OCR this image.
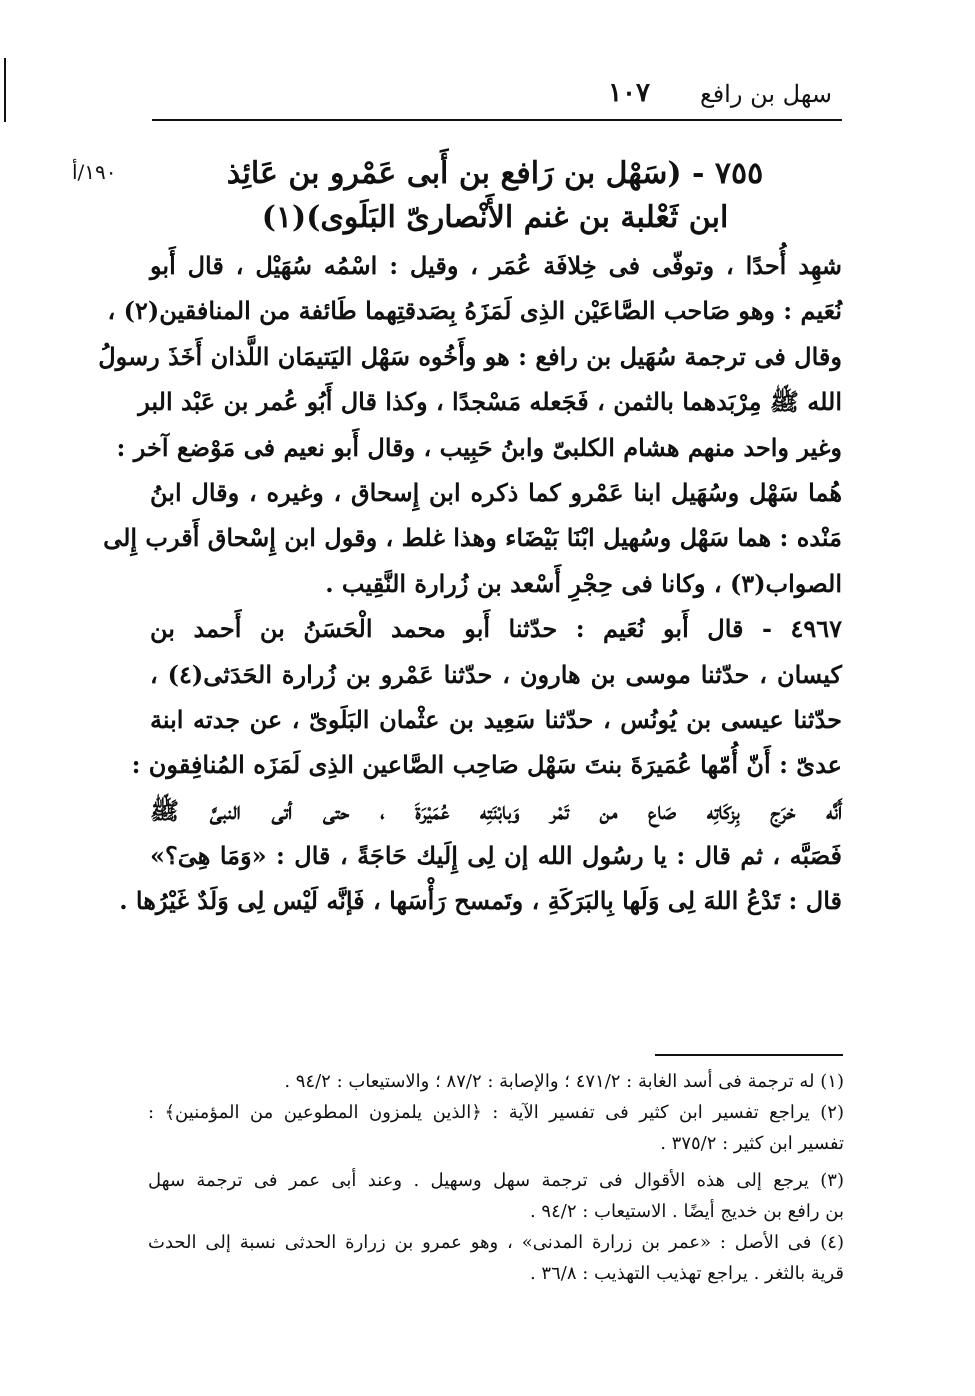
سهل بن رافع
١٠٧
١٩٠/أ	٧٥٥ - (سَهْل بن رَافع بن أَبى عَمْرو بن عَائِذ
ابن ثَعْلبة بن غنم الأَنْصارىّ البَلَوى)(١)
شهِد أُحدًا ، وتوفّى فى خِلافَة عُمَر ، وقيل : اسْمُه سُهَيْل ، قال أَبو
نُعَيم : وهو صَاحب الصَّاعَيْن الذِى لَمَزَهُ بِصَدقتِهما طَائفة من المنافقين(٢) ،
وقال فى ترجمة سُهَيل بن رافع : هو وأَخُوه سَهْل اليَتيمَان اللَّذان أَخَذَ رسولُ
الله ﷺ مِرْبَدهما بالثمن ، فَجَعله مَسْجدًا ، وكذا قال أَبُو عُمر بن عَبْد البر
وغير واحد منهم هشام الكلبىّ وابنُ حَبِيب ، وقال أَبو نعيم فى مَوْضع آخر :
هُما سَهْل وسُهَيل ابنا عَمْرو كما ذكره ابن إِسحاق ، وغيره ، وقال ابنُ
مَنْده : هما سَهْل وسُهيل ابْنَا بَيْضَاء وهذا غلط ، وقول ابن إِسْحاق أَقرب إِلى
الصواب(٣) ، وكانا فى حِجْرِ أَسْعد بن زُرارة النَّقِيب .
٤٩٦٧ - قال أَبو نُعَيم : حدّثنا أَبو محمد الْحَسَنُ بن أَحمد بن
كيسان ، حدّثنا موسى بن هارون ، حدّثنا عَمْرو بن زُرارة الحَدَثى(٤) ،
حدّثنا عيسى بن يُونُس ، حدّثنا سَعِيد بن عثْمان البَلَوىّ ، عن جدته ابنة
عدىّ : أَنّ أُمّها عُمَيرَةَ بنتَ سَهْل صَاحِب الصَّاعين الذِى لَمَزَه المُنافِقون :
أَنَّه خرَج بِزكَاتِه صَاع من تَمْر وَبابْنَتِه عُمَيْرَةَ ، حتى أتى النبىَّ ﷺ
فَصَبَّه ، ثم قال : يا رسُول الله إن لِى إِلَيك حَاجَةً ، قال : «وَمَا هِىَ؟»
قال : تَدْعُ اللهَ لِى وَلَها بِالبَرَكَةِ ، وتَمسح رَأْسَها ، فَإنَّه لَيْس لِى وَلَدٌ غَيْرُها .
(١) له ترجمة فى أسد الغابة : ٤٧١/٢ ؛ والإصابة : ٨٧/٢ ؛ والاستيعاب : ٩٤/٢ .
(٢) يراجع تفسير ابن كثير فى تفسير الآية : ﴿الذين يلمزون المطوعين من المؤمنين﴾ :
تفسير ابن كثير : ٣٧٥/٢ .
(٣) يرجع إلى هذه الأقوال فى ترجمة سهل وسهيل . وعند أبى عمر فى ترجمة سهل
بن رافع بن خديج أيضًا . الاستيعاب : ٩٤/٢ .
(٤) فى الأصل : «عمر بن زرارة المدنى» ، وهو عمرو بن زرارة الحدثى نسبة إلى الحدث
قرية بالثغر . يراجع تهذيب التهذيب : ٣٦/٨ .
